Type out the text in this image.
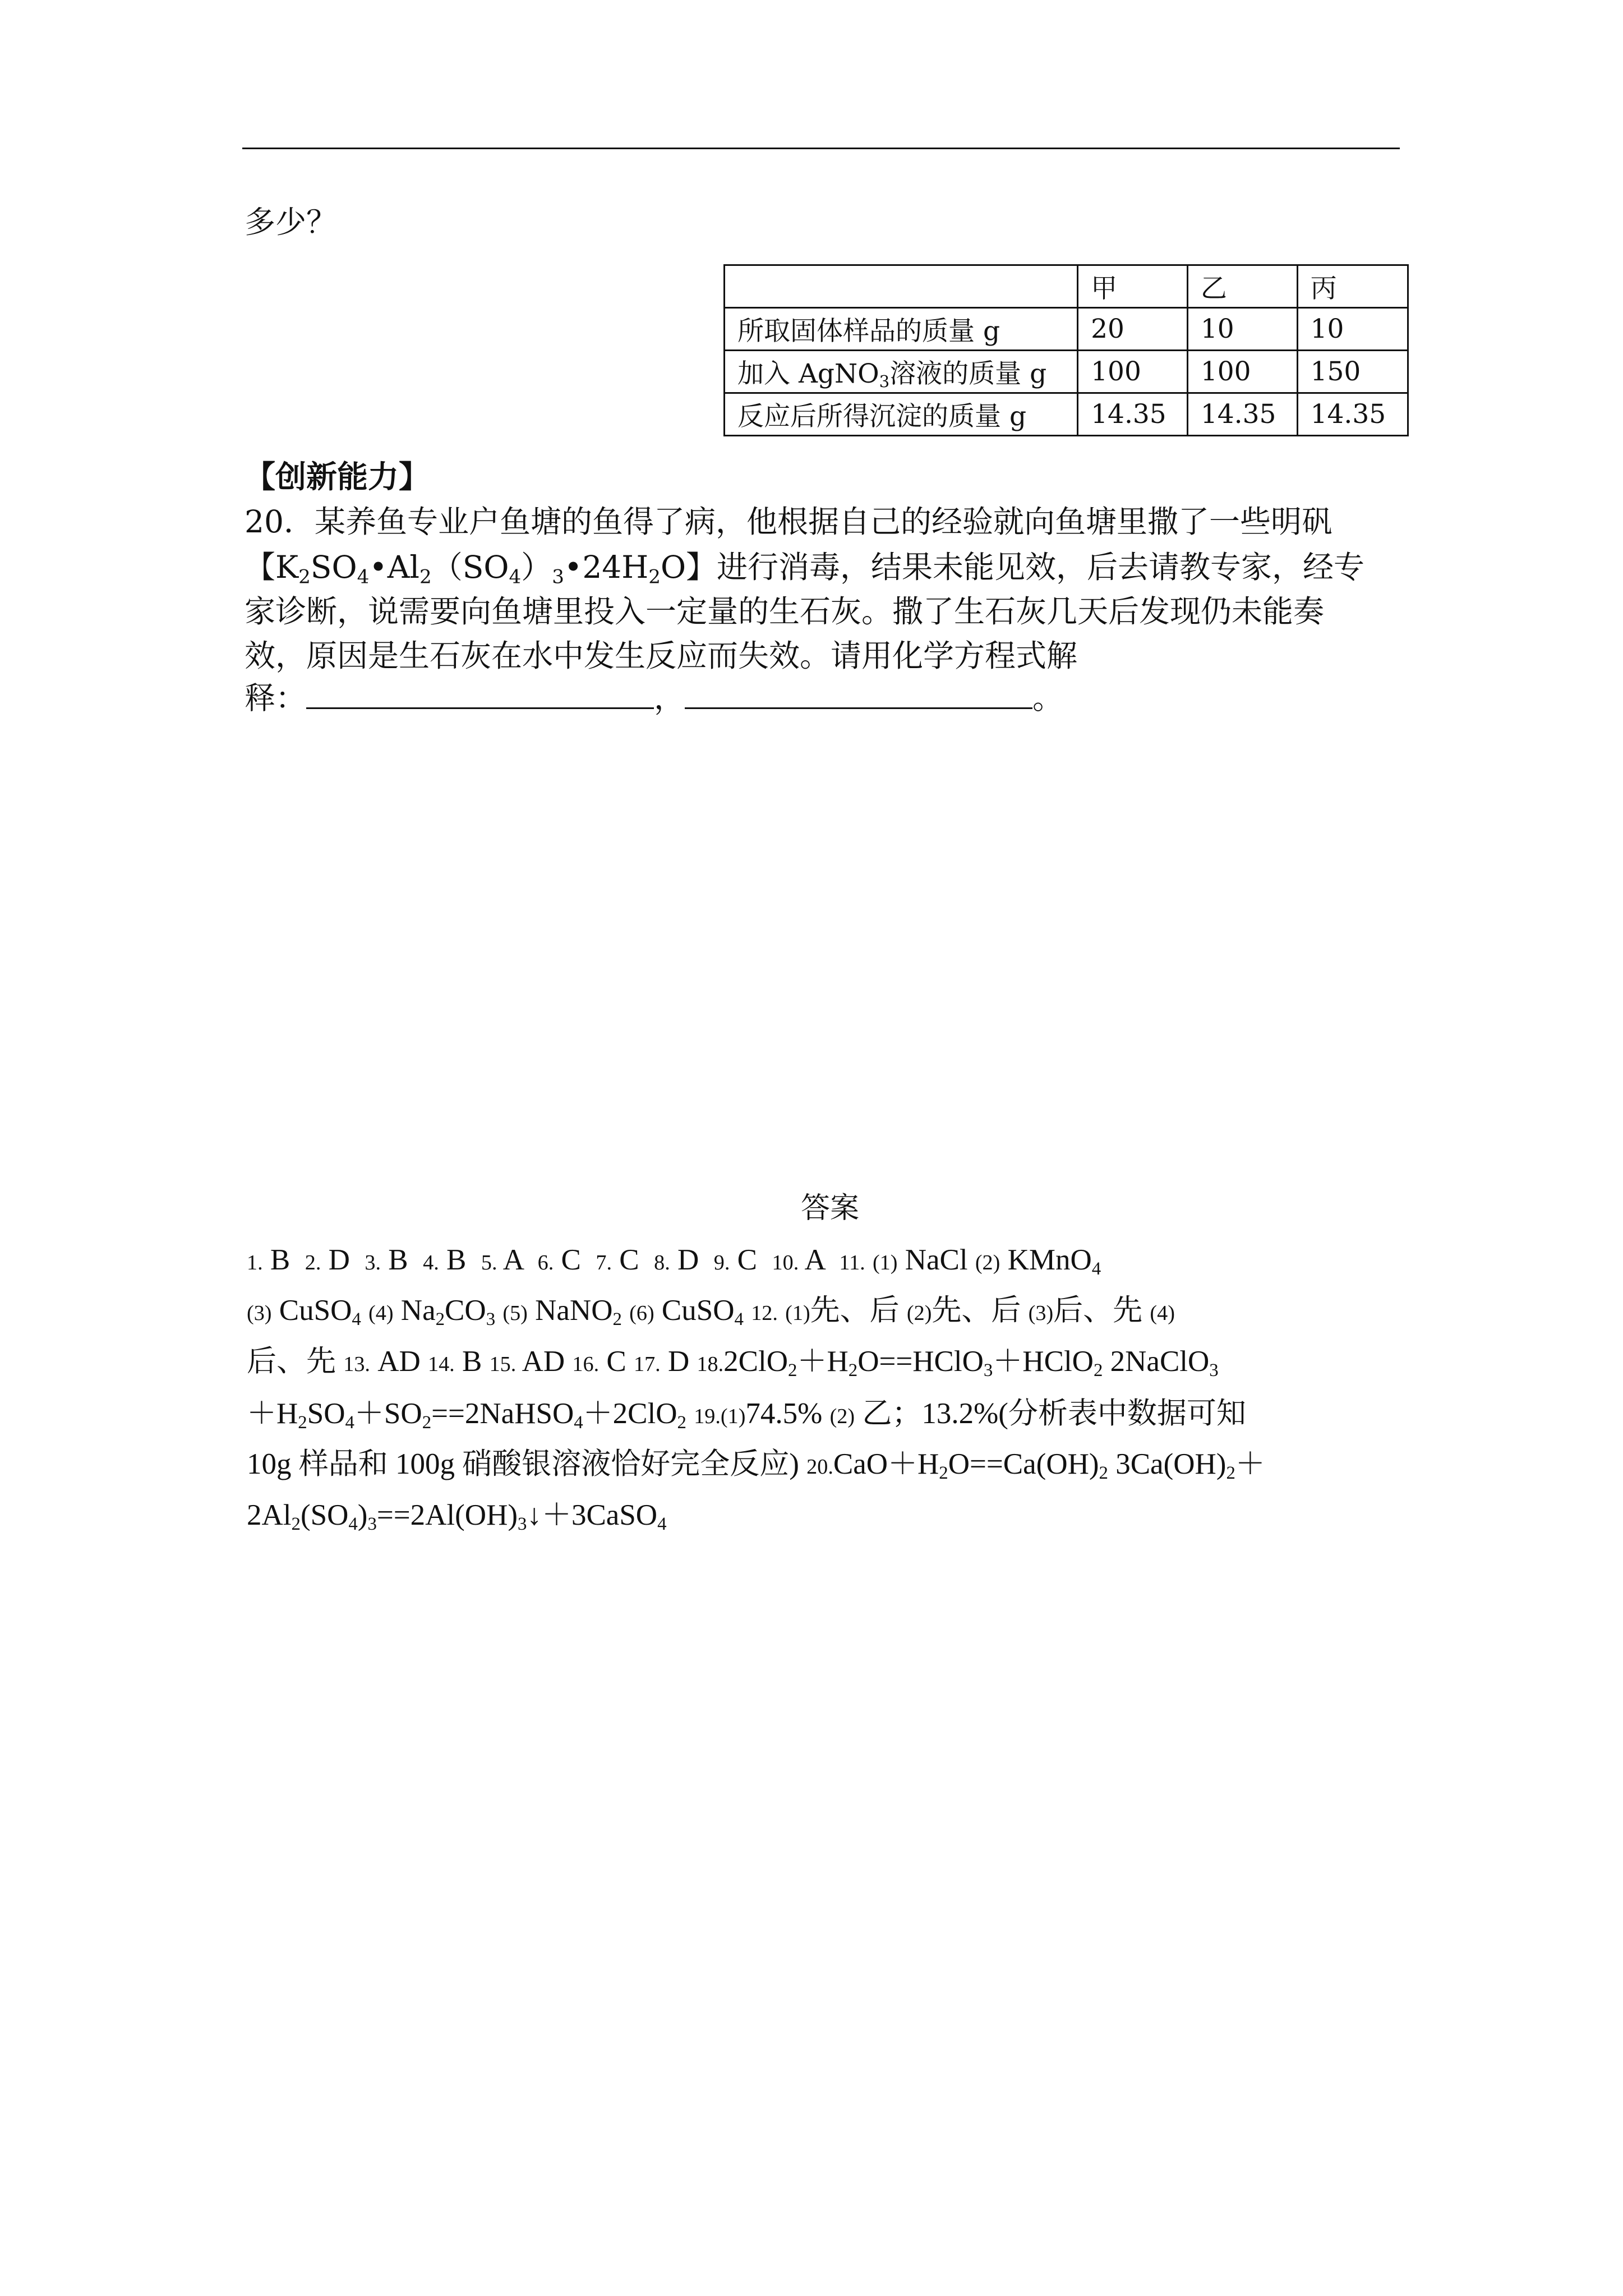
多少？
	甲	乙	丙
所取固体样品的质量 g	20	10	10
加入 AgNO$_3$溶液的质量 g	100	100	150
反应后所得沉淀的质量 g	14.35	14.35	14.35
【创新能力】
20．某养鱼专业户鱼塘的鱼得了病，他根据自己的经验就向鱼塘里撒了一些明矾
【$K_2SO_4•Al_2(SO_4)_3•24H_2O$】进行消毒，结果未能见效，后去请教专家，经专
家诊断，说需要向鱼塘里投入一定量的生石灰。撒了生石灰几天后发现仍未能奏
效，原因是生石灰在水中发生反应而失效。请用化学方程式解
释：	，	。
答案
1. B  2. D  3. B  4. B  5. A  6. C  7. C  8. D  9. C  10. A  11. (1) NaCl (2) KMnO$_4$
(3) CuSO$_4$ (4) $Na_2CO_3$ (5) NaNO$_2$ (6) CuSO$_4$ 12. (1)先、后 (2)先、后 (3)后、先 (4)
后、先 13. AD 14. B 15. AD 16. C 17. D $18.2ClO_2+H_2O==HClO_3+HClO_2$ 2NaClO$_3$
$+H_2SO_4+SO_2==2NaHSO_4+2ClO_2$ 19.(1)74.5% (2) 乙；13.2%(分析表中数据可知
10g 样品和 100g 硝酸银溶液恰好完全反应) $20.CaO+H_2O==Ca(OH)_2$ $3Ca(OH)_2+$
$2Al_2(SO_4)_3==2Al(OH)_3↓+3CaSO_4$
